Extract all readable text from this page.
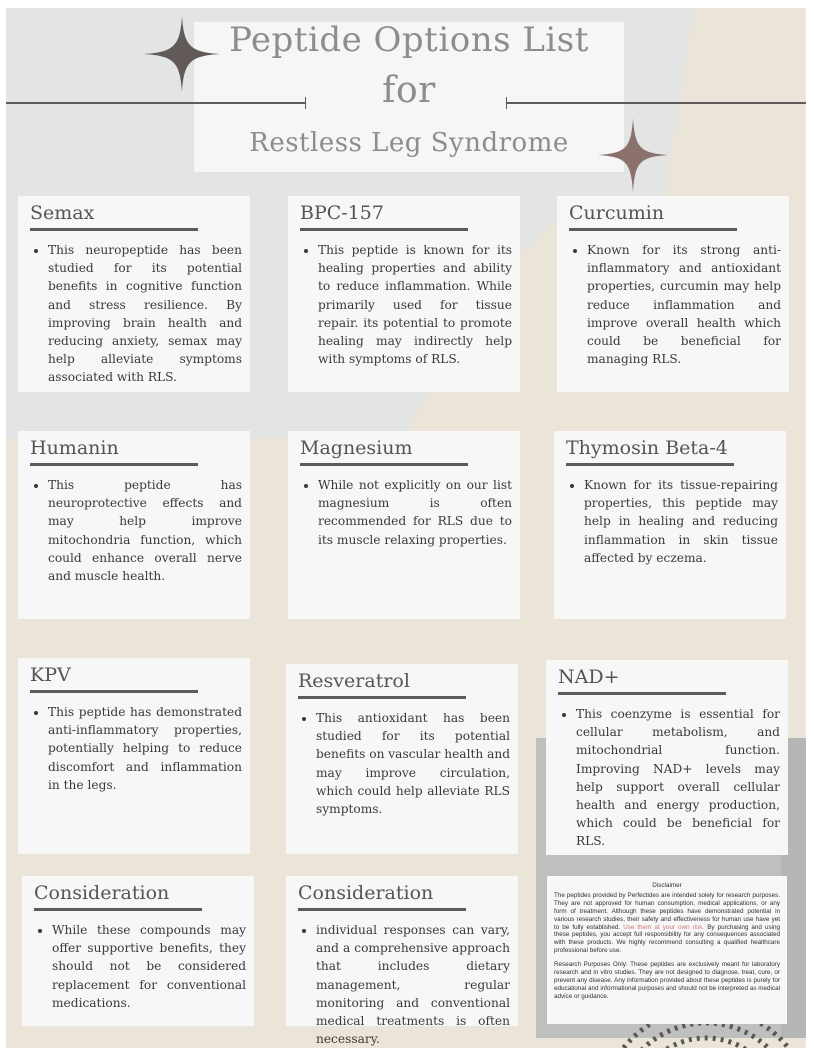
Peptide Options List
for
Restless Leg Syndrome
Semax
• This neuropeptide has been studied for its potential benefits in cognitive function and stress resilience. By improving brain health and reducing anxiety, semax may help alleviate symptoms associated with RLS.
BPC-157
• This peptide is known for its healing properties and ability to reduce inflammation. While primarily used for tissue repair. its potential to promote healing may indirectly help with symptoms of RLS.
Curcumin
• Known for its strong anti-inflammatory and antioxidant properties, curcumin may help reduce inflammation and improve overall health which could be beneficial for managing RLS.
Humanin
• This peptide has neuroprotective effects and may help improve mitochondria function, which could enhance overall nerve and muscle health.
Magnesium
• While not explicitly on our list magnesium is often recommended for RLS due to its muscle relaxing properties.
Thymosin Beta-4
• Known for its tissue-repairing properties, this peptide may help in healing and reducing inflammation in skin tissue affected by eczema.
KPV
• This peptide has demonstrated anti-inflammatory properties, potentially helping to reduce discomfort and inflammation in the legs.
Resveratrol
• This antioxidant has been studied for its potential benefits on vascular health and may improve circulation, which could help alleviate RLS symptoms.
NAD+
• This coenzyme is essential for cellular metabolism, and mitochondrial function. Improving NAD+ levels may help support overall cellular health and energy production, which could be beneficial for RLS.
Consideration
• While these compounds may offer supportive benefits, they should not be considered replacement for conventional medications.
Consideration
• individual responses can vary, and a comprehensive approach that includes dietary management, regular monitoring and conventional medical treatments is often necessary.
Disclaimer

The peptides provided by Perfectides are intended solely for research purposes. They are not approved for human consumption, medical applications, or any form of treatment. Although these peptides have demonstrated potential in various research studies, their safety and effectiveness for human use have yet to be fully established. Use them at your own risk. By purchasing and using these peptides, you accept full responsibility for any consequences associated with these products. We highly recommend consulting a qualified healthcare professional before use.

Research Purposes Only: These peptides are exclusively meant for laboratory research and in vitro studies. They are not designed to diagnose, treat, cure, or prevent any disease. Any information provided about these peptides is purely for educational and informational purposes and should not be interpreted as medical advice or guidance.
